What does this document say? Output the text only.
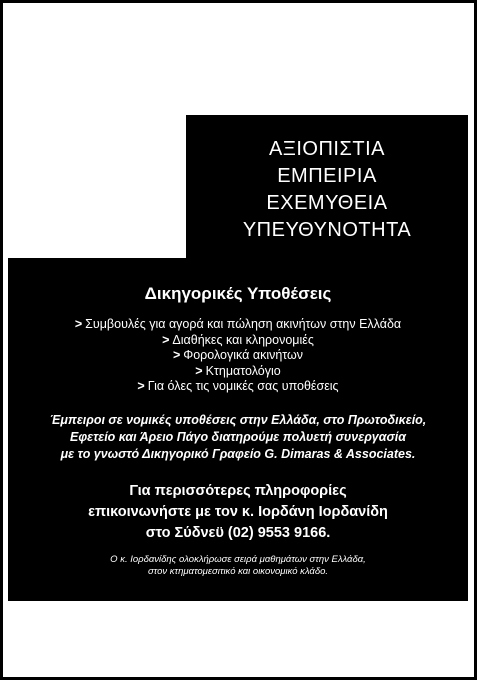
ΑΞΙΟΠΙΣΤΙΑ
ΕΜΠΕΙΡΙΑ
ΕΧΕΜΥΘΕΙΑ
ΥΠΕΥΘΥΝΟΤΗΤΑ
Δικηγορικές Υποθέσεις
> Συμβουλές για αγορά και πώληση ακινήτων στην Ελλάδα
> Διαθήκες και κληρονομιές
> Φορολογικά ακινήτων
> Κτηματολόγιο
> Για όλες τις νομικές σας υποθέσεις
Έμπειροι σε νομικές υποθέσεις στην Ελλάδα, στο Πρωτοδικείο,
Εφετείο και Άρειο Πάγο διατηρούμε πολυετή συνεργασία
με το γνωστό Δικηγορικό Γραφείο G. Dimaras & Associates.
Για περισσότερες πληροφορίες
επικοινωνήστε με τον κ. Ιορδάνη Ιορδανίδη
στο Σύδνεϋ (02) 9553 9166.
Ο κ. Ιορδανίδης ολοκλήρωσε σειρά μαθημάτων στην Ελλάδα,
στον κτηματομεσιτικό και οικονομικό κλάδο.
